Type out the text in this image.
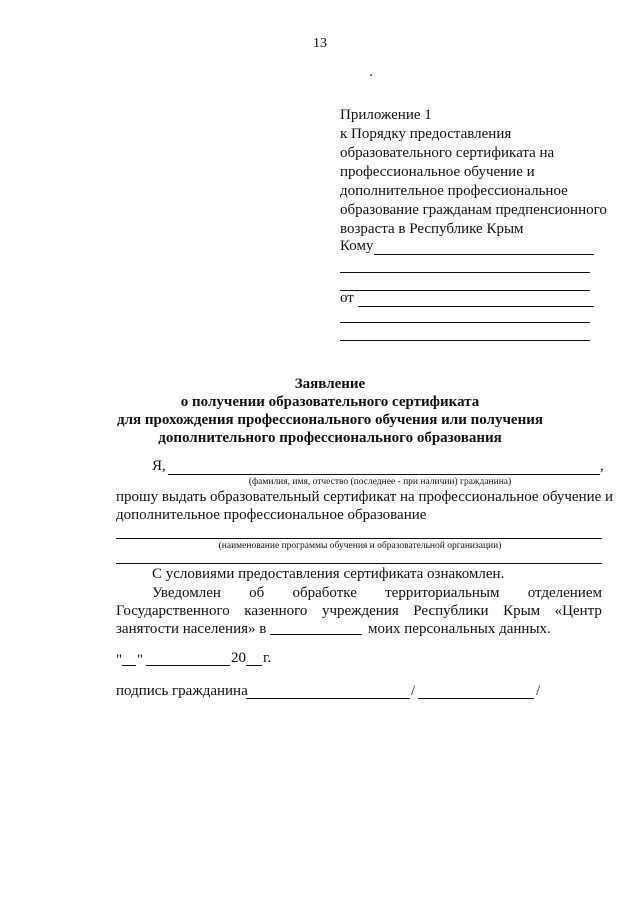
13
Приложение 1
к Порядку предоставления
образовательного сертификата на
профессиональное обучение и
дополнительное профессиональное
образование гражданам предпенсионного
возраста в Республике Крым
Кому
от
Заявление
о получении образовательного сертификата
для прохождения профессионального обучения или получения
дополнительного профессионального образования
Я,	,
(фамилия, имя, отчество (последнее - при наличии) гражданина)
прошу выдать образовательный сертификат на профессиональное обучение и
дополнительное профессиональное образование
(наименование программы обучения и образовательной организации)
С условиями предоставления сертификата ознакомлен.
Уведомлен об обработке территориальным отделением
Государственного казенного учреждения Республики Крым «Центр
занятости населения» в	моих персональных данных.
" "	20 г.
подпись гражданина	/	/
